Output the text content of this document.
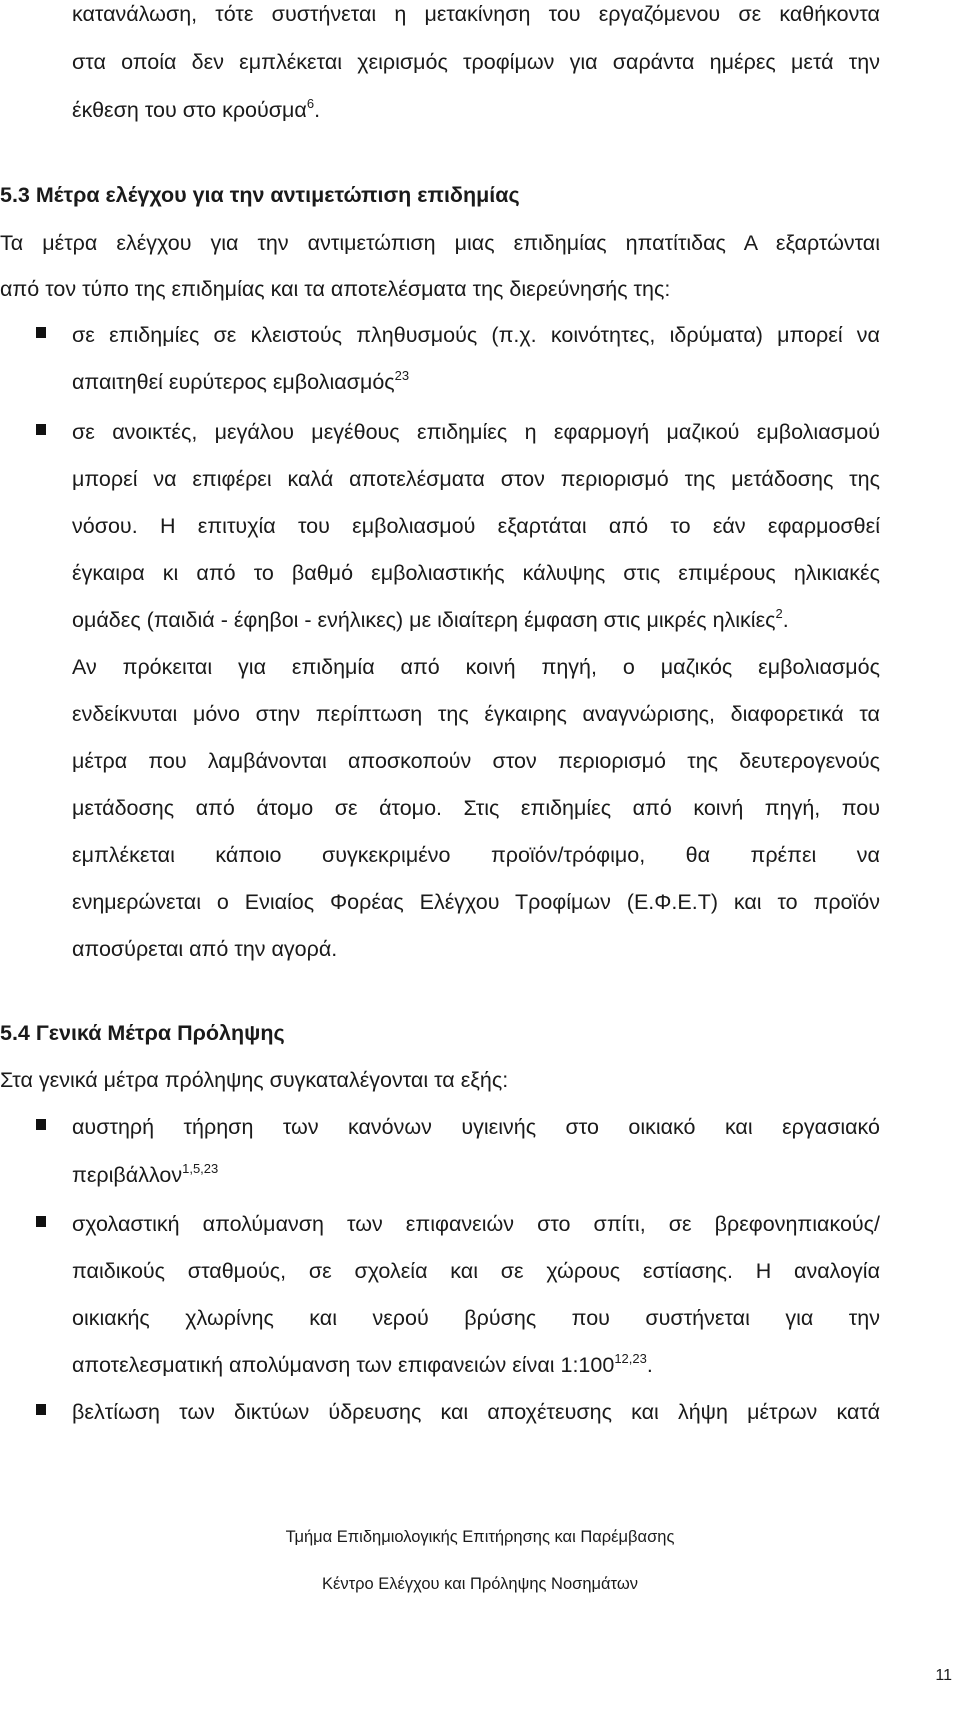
κατανάλωση, τότε συστήνεται η μετακίνηση του εργαζόμενου σε καθήκοντα
στα οποία δεν εμπλέκεται χειρισμός τροφίμων για σαράντα ημέρες μετά την
έκθεση του στο κρούσμα$^6$.
5.3 Μέτρα ελέγχου για την αντιμετώπιση επιδημίας
Τα μέτρα ελέγχου για την αντιμετώπιση μιας επιδημίας ηπατίτιδας Α εξαρτώνται
από τον τύπο της επιδημίας και τα αποτελέσματα της διερεύνησής της:
σε επιδημίες σε κλειστούς πληθυσμούς (π.χ. κοινότητες, ιδρύματα) μπορεί να
απαιτηθεί ευρύτερος εμβολιασμός$^{23}$
σε ανοικτές, μεγάλου μεγέθους επιδημίες η εφαρμογή μαζικού εμβολιασμού
μπορεί να επιφέρει καλά αποτελέσματα στον περιορισμό της μετάδοσης της
νόσου. Η επιτυχία του εμβολιασμού εξαρτάται από το εάν εφαρμοσθεί
έγκαιρα κι από το βαθμό εμβολιαστικής κάλυψης στις επιμέρους ηλικιακές
ομάδες (παιδιά - έφηβοι - ενήλικες) με ιδιαίτερη έμφαση στις μικρές ηλικίες$^2$.
Αν πρόκειται για επιδημία από κοινή πηγή, ο μαζικός εμβολιασμός
ενδείκνυται μόνο στην περίπτωση της έγκαιρης αναγνώρισης, διαφορετικά τα
μέτρα που λαμβάνονται αποσκοπούν στον περιορισμό της δευτερογενούς
μετάδοσης από άτομο σε άτομο. Στις επιδημίες από κοινή πηγή, που
εμπλέκεται κάποιο συγκεκριμένο προϊόν/τρόφιμο, θα πρέπει να
ενημερώνεται ο Ενιαίος Φορέας Ελέγχου Τροφίμων (Ε.Φ.Ε.Τ) και το προϊόν
αποσύρεται από την αγορά.
5.4 Γενικά Μέτρα Πρόληψης
Στα γενικά μέτρα πρόληψης συγκαταλέγονται τα εξής:
αυστηρή τήρηση των κανόνων υγιεινής στο οικιακό και εργασιακό
περιβάλλον$^{1,5,23}$
σχολαστική απολύμανση των επιφανειών στο σπίτι, σε βρεφονηπιακούς/
παιδικούς σταθμούς, σε σχολεία και σε χώρους εστίασης. Η αναλογία
οικιακής χλωρίνης και νερού βρύσης που συστήνεται για την
αποτελεσματική απολύμανση των επιφανειών είναι 1:100$^{12,23}$.
βελτίωση των δικτύων ύδρευσης και αποχέτευσης και λήψη μέτρων κατά
Τμήμα Επιδημιολογικής Επιτήρησης και Παρέμβασης
Κέντρο Ελέγχου και Πρόληψης Νοσημάτων
11
